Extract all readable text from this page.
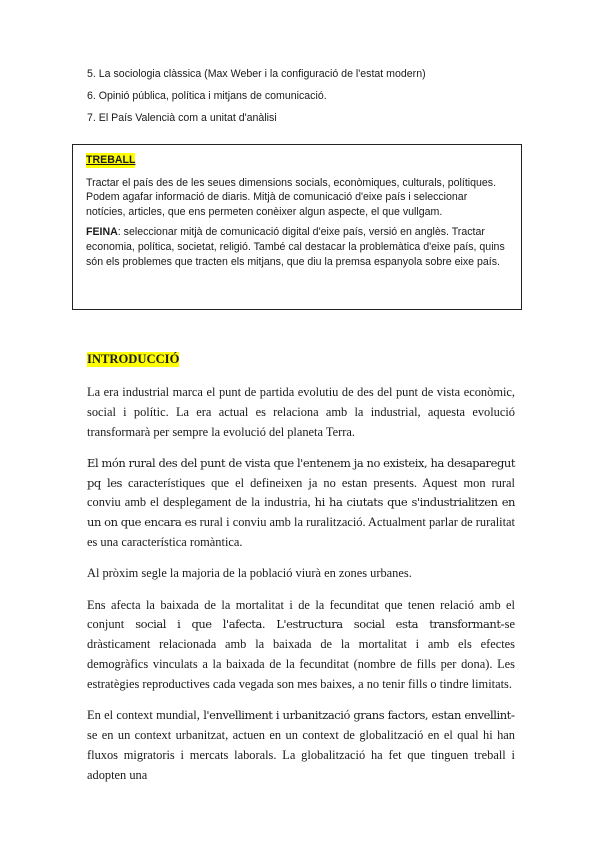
5. La sociologia clàssica (Max Weber i la configuració de l'estat modern)
6. Opinió pública, política i mitjans de comunicació.
7. El País Valencià com a unitat d'anàlisi
TREBALL

Tractar el país des de les seues dimensions socials, econòmiques, culturals, polítiques. Podem agafar informació de diaris. Mitjà de comunicació d'eixe país i seleccionar notícies, articles, que ens permeten conèixer algun aspecte, el que vullgam.

FEINA: seleccionar mitjà de comunicació digital d'eixe país, versió en anglès. Tractar economia, política, societat, religió. També cal destacar la problemàtica d'eixe país, quins són els problemes que tracten els mitjans, que diu la premsa espanyola sobre eixe país.

INTRODUCCIÓ

La era industrial marca el punt de partida evolutiu de des del punt de vista econòmic, social i polític. La era actual es relaciona amb la industrial, aquesta evolució transformarà per sempre la evolució del planeta Terra.

El món rural des del punt de vista que l'entenem ja no existeix, ha desaparegut pq les característiques que el defineixen ja no estan presents. Aquest mon rural conviu amb el desplegament de la industria, hi ha ciutats que s'industrialitzen en un on que encara es rural i conviu amb la ruralització. Actualment parlar de ruralitat es una característica romàntica.

Al pròxim segle la majoria de la població viurà en zones urbanes.

Ens afecta la baixada de la mortalitat i de la fecunditat que tenen relació amb el conjunt social i que l'afecta. L'estructura social esta transformant-se dràsticament relacionada amb la baixada de la mortalitat i amb els efectes demogràfics vinculats a la baixada de la fecunditat (nombre de fills per dona). Les estratègies reproductives cada vegada son mes baixes, a no tenir fills o tindre limitats.

En el context mundial, l'envelliment i urbanització grans factors, estan envellint-se en un context urbanitzat, actuen en un context de globalització en el qual hi han fluxos migratoris i mercats laborals. La globalització ha fet que tinguen treball i adopten una
